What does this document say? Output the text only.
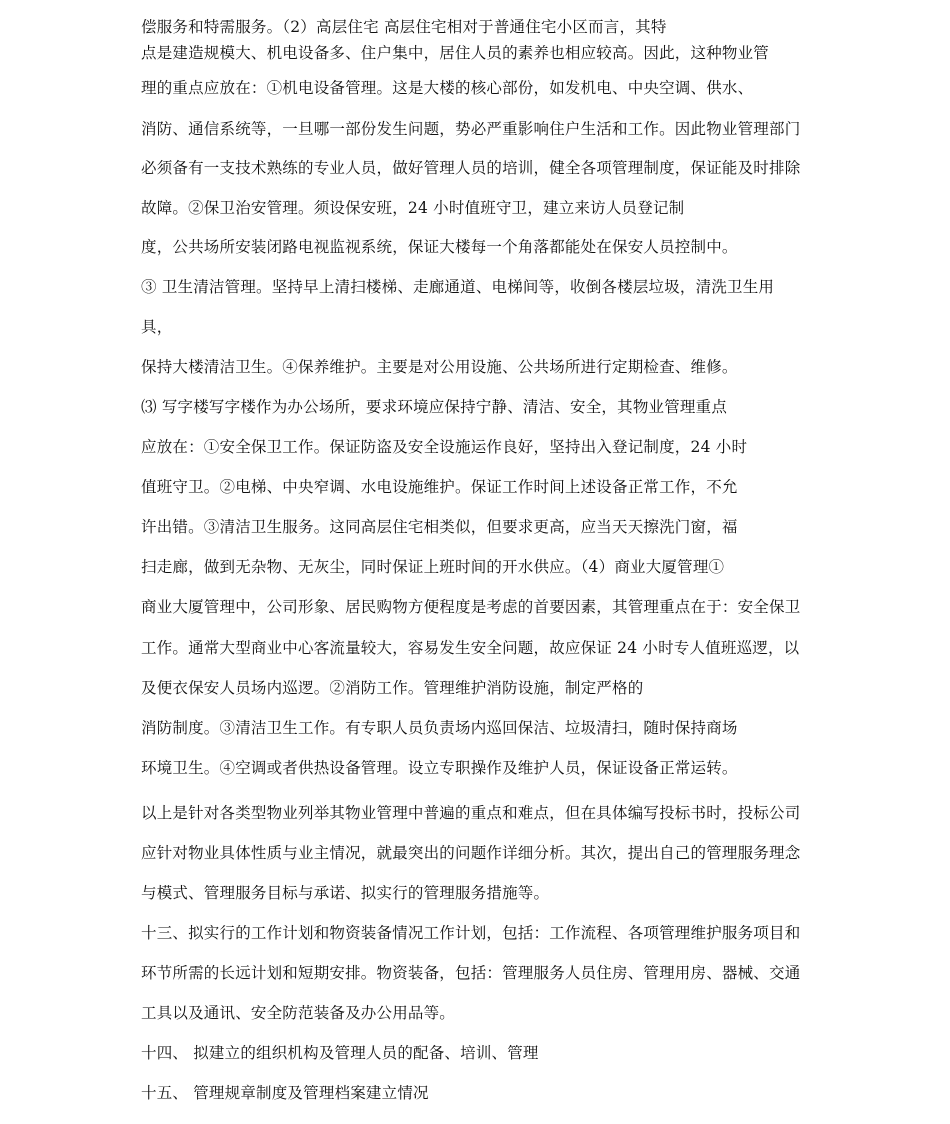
偿服务和特需服务。（2）高层住宅 高层住宅相对于普通住宅小区而言，其特
点是建造规模大、机电设备多、住户集中，居住人员的素养也相应较高。因此，这种物业管
理的重点应放在：①机电设备管理。这是大楼的核心部份，如发机电、中央空调、供水、
消防、通信系统等，一旦哪一部份发生问题，势必严重影响住户生活和工作。因此物业管理部门
必须备有一支技术熟练的专业人员，做好管理人员的培训，健全各项管理制度，保证能及时排除
故障。②保卫治安管理。须设保安班，24 小时值班守卫，建立来访人员登记制
度，公共场所安装闭路电视监视系统，保证大楼每一个角落都能处在保安人员控制中。
③ 卫生清洁管理。坚持早上清扫楼梯、走廊通道、电梯间等，收倒各楼层垃圾，清洗卫生用
具，
保持大楼清洁卫生。④保养维护。主要是对公用设施、公共场所进行定期检查、维修。
⑶ 写字楼写字楼作为办公场所，要求环境应保持宁静、清洁、安全，其物业管理重点
应放在：①安全保卫工作。保证防盗及安全设施运作良好，坚持出入登记制度，24 小时
值班守卫。②电梯、中央窄调、水电设施维护。保证工作时间上述设备正常工作，不允
许出错。③清洁卫生服务。这同高层住宅相类似，但要求更高，应当天天擦洗门窗，福
扫走廊，做到无杂物、无灰尘，同时保证上班时间的开水供应。（4）商业大厦管理①
商业大厦管理中，公司形象、居民购物方便程度是考虑的首要因素，其管理重点在于：安全保卫
工作。通常大型商业中心客流量较大，容易发生安全问题，故应保证 24 小时专人值班巡逻，以
及便衣保安人员场内巡逻。②消防工作。管理维护消防设施，制定严格的
消防制度。③清洁卫生工作。有专职人员负责场内巡回保洁、垃圾清扫，随时保持商场
环境卫生。④空调或者供热设备管理。设立专职操作及维护人员，保证设备正常运转。
以上是针对各类型物业列举其物业管理中普遍的重点和难点，但在具体编写投标书时，投标公司
应针对物业具体性质与业主情况，就最突出的问题作详细分析。其次，提出自己的管理服务理念
与模式、管理服务目标与承诺、拟实行的管理服务措施等。
十三、拟实行的工作计划和物资装备情况工作计划，包括：工作流程、各项管理维护服务项目和
环节所需的长远计划和短期安排。物资装备，包括：管理服务人员住房、管理用房、器械、交通
工具以及通讯、安全防范装备及办公用品等。
十四、 拟建立的组织机构及管理人员的配备、培训、管理
十五、 管理规章制度及管理档案建立情况
